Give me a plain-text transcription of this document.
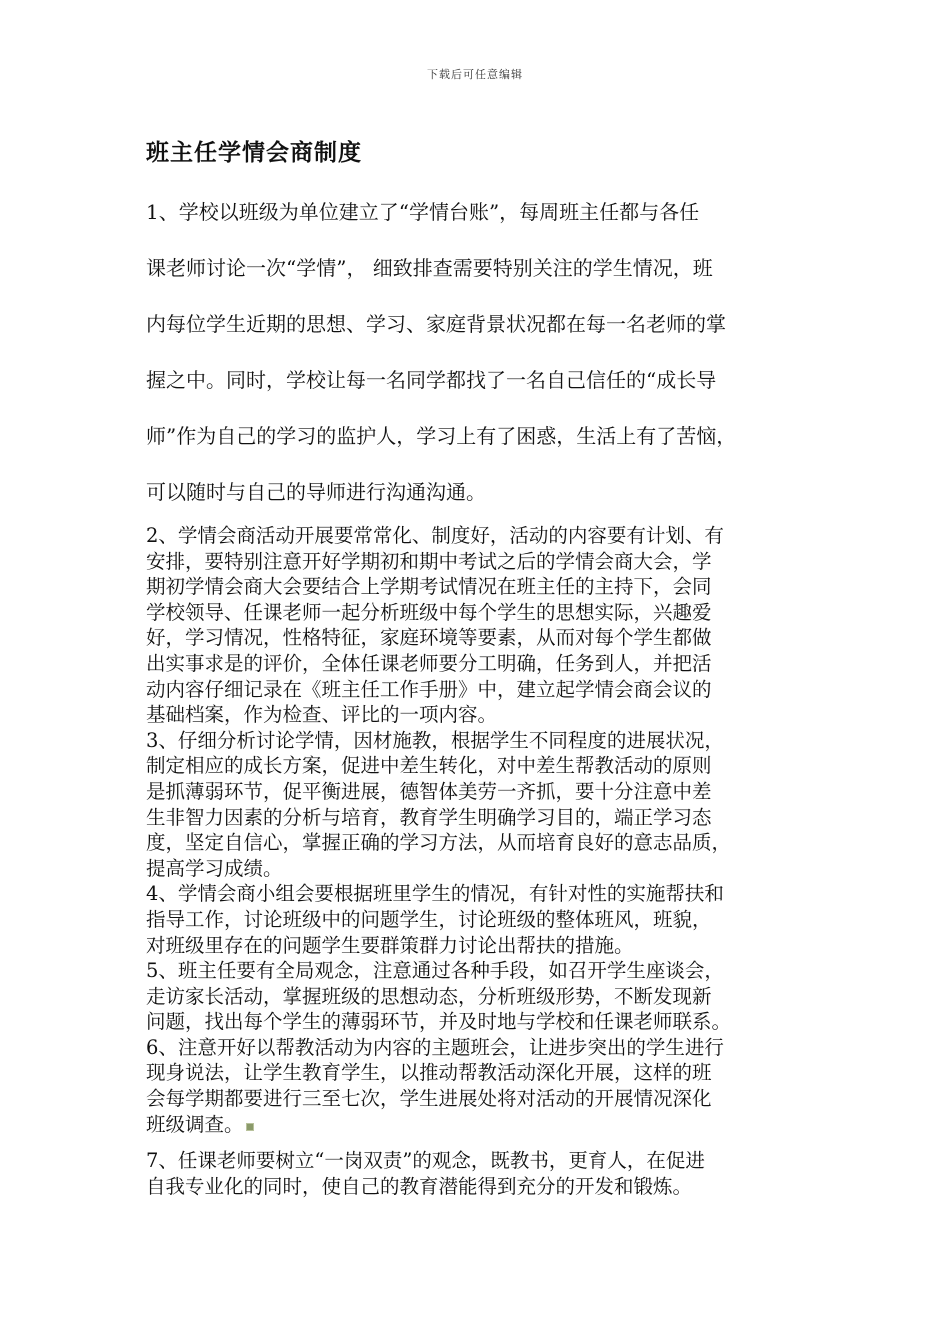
下载后可任意编辑
班主任学情会商制度
1、学校以班级为单位建立了“学情台账”，每周班主任都与各任
课老师讨论一次“学情”， 细致排查需要特别关注的学生情况，班
内每位学生近期的思想、学习、家庭背景状况都在每一名老师的掌
握之中。同时，学校让每一名同学都找了一名自己信任的“成长导
师”作为自己的学习的监护人，学习上有了困惑，生活上有了苦恼，
可以随时与自己的导师进行沟通沟通。
2、学情会商活动开展要常常化、制度好，活动的内容要有计划、有
安排，要特别注意开好学期初和期中考试之后的学情会商大会，学
期初学情会商大会要结合上学期考试情况在班主任的主持下，会同
学校领导、任课老师一起分析班级中每个学生的思想实际，兴趣爱
好，学习情况，性格特征，家庭环境等要素，从而对每个学生都做
出实事求是的评价，全体任课老师要分工明确，任务到人，并把活
动内容仔细记录在《班主任工作手册》中，建立起学情会商会议的
基础档案，作为检查、评比的一项内容。
3、仔细分析讨论学情，因材施教，根据学生不同程度的进展状况，
制定相应的成长方案，促进中差生转化，对中差生帮教活动的原则
是抓薄弱环节，促平衡进展，德智体美劳一齐抓，要十分注意中差
生非智力因素的分析与培育，教育学生明确学习目的，端正学习态
度，坚定自信心，掌握正确的学习方法，从而培育良好的意志品质，
提高学习成绩。
4、学情会商小组会要根据班里学生的情况，有针对性的实施帮扶和
指导工作，讨论班级中的问题学生，讨论班级的整体班风，班貌，
对班级里存在的问题学生要群策群力讨论出帮扶的措施。
5、班主任要有全局观念，注意通过各种手段，如召开学生座谈会，
走访家长活动，掌握班级的思想动态，分析班级形势，不断发现新
问题，找出每个学生的薄弱环节，并及时地与学校和任课老师联系。
6、注意开好以帮教活动为内容的主题班会，让进步突出的学生进行
现身说法，让学生教育学生，以推动帮教活动深化开展，这样的班
会每学期都要进行三至七次，学生进展处将对活动的开展情况深化
班级调查。
7、任课老师要树立“一岗双责”的观念，既教书，更育人，在促进
自我专业化的同时，使自己的教育潜能得到充分的开发和锻炼。
